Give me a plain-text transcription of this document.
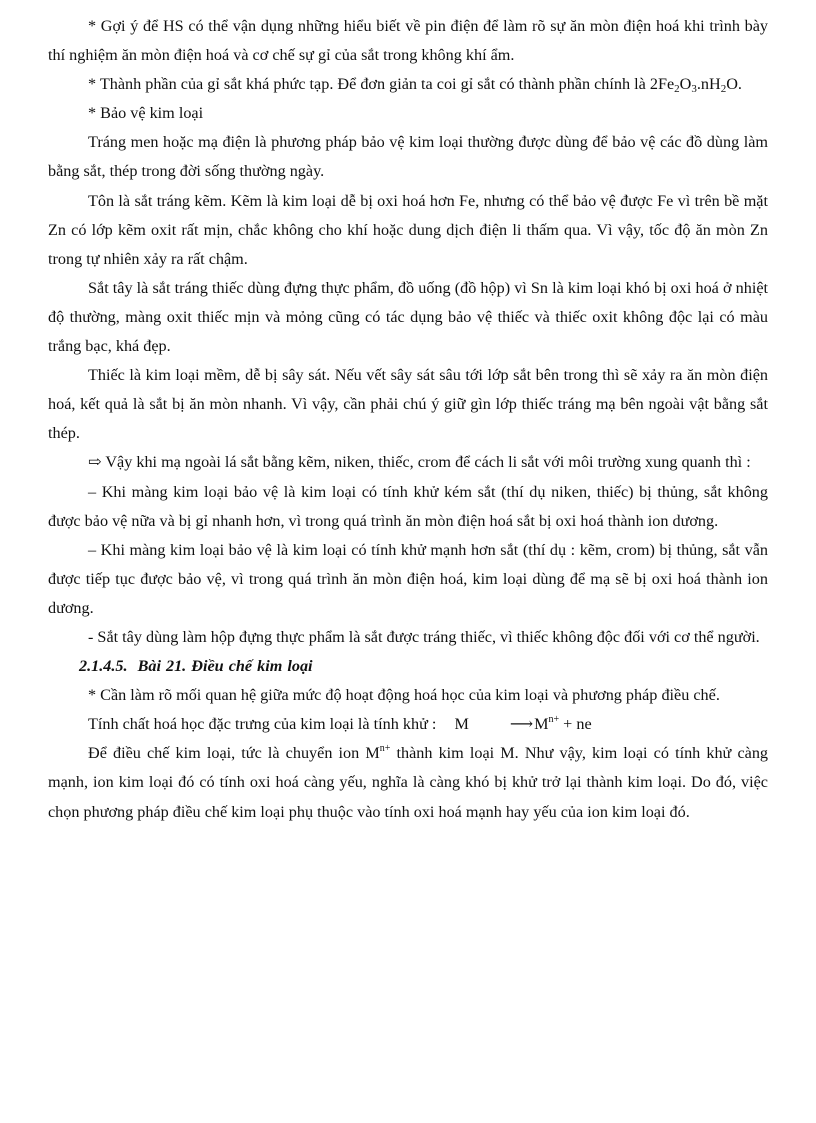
* Gợi ý để HS có thể vận dụng những hiểu biết về pin điện để làm rõ sự ăn mòn điện hoá khi trình bày thí nghiệm ăn mòn điện hoá và cơ chế sự gỉ của sắt trong không khí ẩm.

* Thành phần của gỉ sắt khá phức tạp. Để đơn giản ta coi gỉ sắt có thành phần chính là $2Fe_2O_3.nH_2O$.

* Bảo vệ kim loại

Tráng men hoặc mạ điện là phương pháp bảo vệ kim loại thường được dùng để bảo vệ các đồ dùng làm bằng sắt, thép trong đời sống thường ngày.

Tôn là sắt tráng kẽm. Kẽm là kim loại dễ bị oxi hoá hơn Fe, nhưng có thể bảo vệ được Fe vì trên bề mặt Zn có lớp kẽm oxit rất mịn, chắc không cho khí hoặc dung dịch điện li thấm qua. Vì vậy, tốc độ ăn mòn Zn trong tự nhiên xảy ra rất chậm.

Sắt tây là sắt tráng thiếc dùng đựng thực phẩm, đồ uống (đồ hộp) vì Sn là kim loại khó bị oxi hoá ở nhiệt độ thường, màng oxit thiếc mịn và mỏng cũng có tác dụng bảo vệ thiếc và thiếc oxit không độc lại có màu trắng bạc, khá đẹp.

Thiếc là kim loại mềm, dễ bị sây sát. Nếu vết sây sát sâu tới lớp sắt bên trong thì sẽ xảy ra ăn mòn điện hoá, kết quả là sắt bị ăn mòn nhanh. Vì vậy, cần phải chú ý giữ gìn lớp thiếc tráng mạ bên ngoài vật bằng sắt thép.

⇨ Vậy khi mạ ngoài lá sắt bằng kẽm, niken, thiếc, crom để cách li sắt với môi trường xung quanh thì :

– Khi màng kim loại bảo vệ là kim loại có tính khử kém sắt (thí dụ niken, thiếc) bị thủng, sắt không được bảo vệ nữa và bị gỉ nhanh hơn, vì trong quá trình ăn mòn điện hoá sắt bị oxi hoá thành ion dương.

– Khi màng kim loại bảo vệ là kim loại có tính khử mạnh hơn sắt (thí dụ : kẽm, crom) bị thủng, sắt vẫn được tiếp tục được bảo vệ, vì trong quá trình ăn mòn điện hoá, kim loại dùng để mạ sẽ bị oxi hoá thành ion dương.

- Sắt tây dùng làm hộp đựng thực phẩm là sắt được tráng thiếc, vì thiếc không độc đối với cơ thể người.

2.1.4.5. Bài 21. Điều chế kim loại

* Cần làm rõ mối quan hệ giữa mức độ hoạt động hoá học của kim loại và phương pháp điều chế.

Tính chất hoá học đặc trưng của kim loại là tính khử : M	$⟶M^{n+}$ + ne

Để điều chế kim loại, tức là chuyển ion $M^{n+}$ thành kim loại M. Như vậy, kim loại có tính khử càng mạnh, ion kim loại đó có tính oxi hoá càng yếu, nghĩa là càng khó bị khử trở lại thành kim loại. Do đó, việc chọn phương pháp điều chế kim loại phụ thuộc vào tính oxi hoá mạnh hay yếu của ion kim loại đó.
